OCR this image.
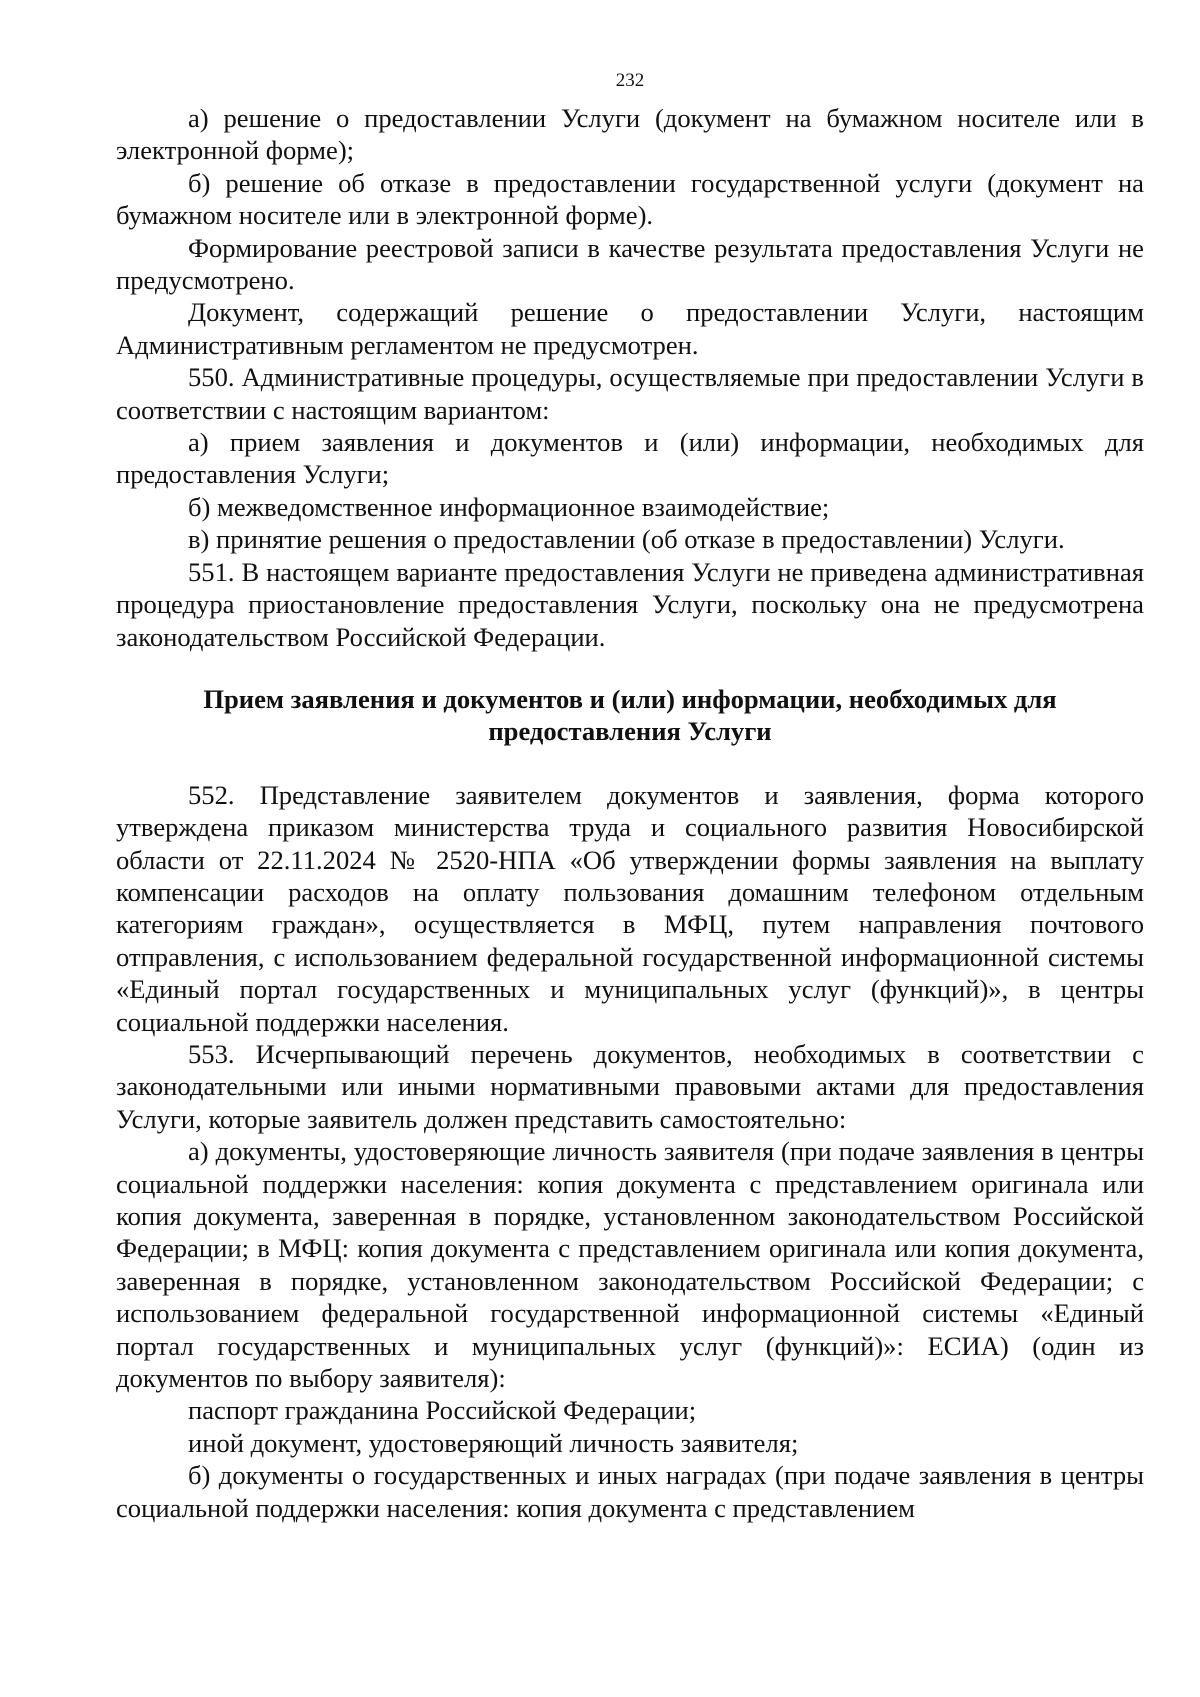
232

а) решение о предоставлении Услуги (документ на бумажном носителе или в электронной форме);

б) решение об отказе в предоставлении государственной услуги (документ на бумажном носителе или в электронной форме).

Формирование реестровой записи в качестве результата предоставления Услуги не предусмотрено.

Документ, содержащий решение о предоставлении Услуги, настоящим Административным регламентом не предусмотрен.

550. Административные процедуры, осуществляемые при предоставлении Услуги в соответствии с настоящим вариантом:

а) прием заявления и документов и (или) информации, необходимых для предоставления Услуги;

б) межведомственное информационное взаимодействие;

в) принятие решения о предоставлении (об отказе в предоставлении) Услуги.

551. В настоящем варианте предоставления Услуги не приведена административная процедура приостановление предоставления Услуги, поскольку она не предусмотрена законодательством Российской Федерации.

Прием заявления и документов и (или) информации, необходимых для предоставления Услуги

552. Представление заявителем документов и заявления, форма которого утверждена приказом министерства труда и социального развития Новосибирской области от 22.11.2024 № 2520-НПА «Об утверждении формы заявления на выплату компенсации расходов на оплату пользования домашним телефоном отдельным категориям граждан», осуществляется в МФЦ, путем направления почтового отправления, с использованием федеральной государственной информационной системы «Единый портал государственных и муниципальных услуг (функций)», в центры социальной поддержки населения.

553. Исчерпывающий перечень документов, необходимых в соответствии с законодательными или иными нормативными правовыми актами для предоставления Услуги, которые заявитель должен представить самостоятельно:

а) документы, удостоверяющие личность заявителя (при подаче заявления в центры социальной поддержки населения: копия документа с представлением оригинала или копия документа, заверенная в порядке, установленном законодательством Российской Федерации; в МФЦ: копия документа с представлением оригинала или копия документа, заверенная в порядке, установленном законодательством Российской Федерации; с использованием федеральной государственной информационной системы «Единый портал государственных и муниципальных услуг (функций)»: ЕСИА) (один из документов по выбору заявителя):

паспорт гражданина Российской Федерации;

иной документ, удостоверяющий личность заявителя;

б) документы о государственных и иных наградах (при подаче заявления в центры социальной поддержки населения: копия документа с представлением
